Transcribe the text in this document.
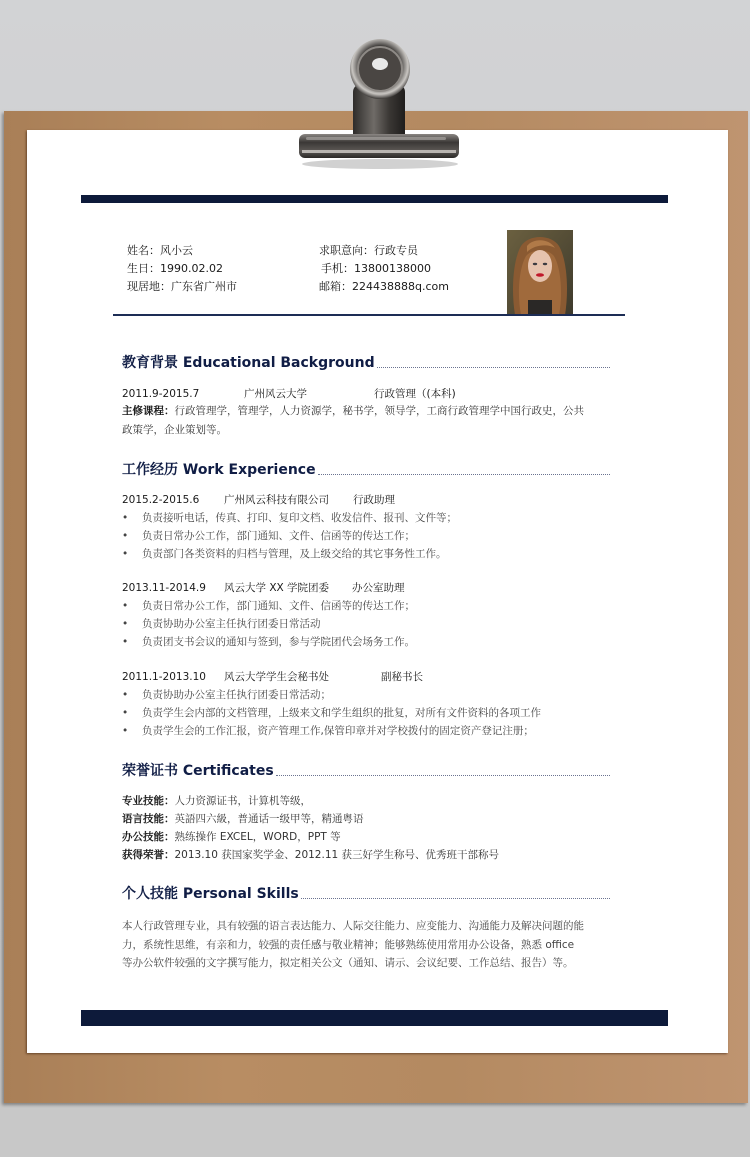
姓名：风小云
生日：1990.02.02
现居地：广东省广州市
求职意向：行政专员
手机：13800138000
邮箱：224438888q.com
教育背景 Educational Background
2011.9-2015.7	广州风云大学	行政管理（(本科)
主修课程：行政管理学，管理学，人力资源学，秘书学，领导学，工商行政管理学中国行政史，公共
政策学，企业策划等。
工作经历 Work Experience
2015.2-2015.6 广州风云科技有限公司 行政助理
• 负责接听电话，传真、打印、复印文档、收发信件、报刊、文件等；
• 负责日常办公工作，部门通知、文件、信函等的传达工作；
• 负责部门各类资料的归档与管理，及上级交给的其它事务性工作。
2013.11-2014.9 风云大学 XX 学院团委 办公室助理
• 负责日常办公工作，部门通知、文件、信函等的传达工作；
• 负责协助办公室主任执行团委日常活动
• 负责团支书会议的通知与签到，参与学院团代会场务工作。
2011.1-2013.10 风云大学学生会秘书处	副秘书长
• 负责协助办公室主任执行团委日常活动；
• 负责学生会内部的文档管理，上级来文和学生组织的批复，对所有文件资料的各项工作
• 负责学生会的工作汇报，资产管理工作,保管印章并对学校拨付的固定资产登记注册；
荣誉证书 Certificates
专业技能：人力资源证书，计算机等级，
语言技能：英語四六級，普通话一级甲等，精通粤语
办公技能：熟练操作 EXCEL，WORD，PPT 等
获得荣誉：2013.10 获国家奖学金、2012.11 获三好学生称号、优秀班干部称号
个人技能 Personal Skills
本人行政管理专业，具有较强的语言表达能力、人际交往能力、应变能力、沟通能力及解决问题的能
力，系统性思维，有亲和力，较强的责任感与敬业精神；能够熟练使用常用办公设备，熟悉 office
等办公软件较强的文字撰写能力，拟定相关公文（通知、请示、会议纪要、工作总结、报告）等。
